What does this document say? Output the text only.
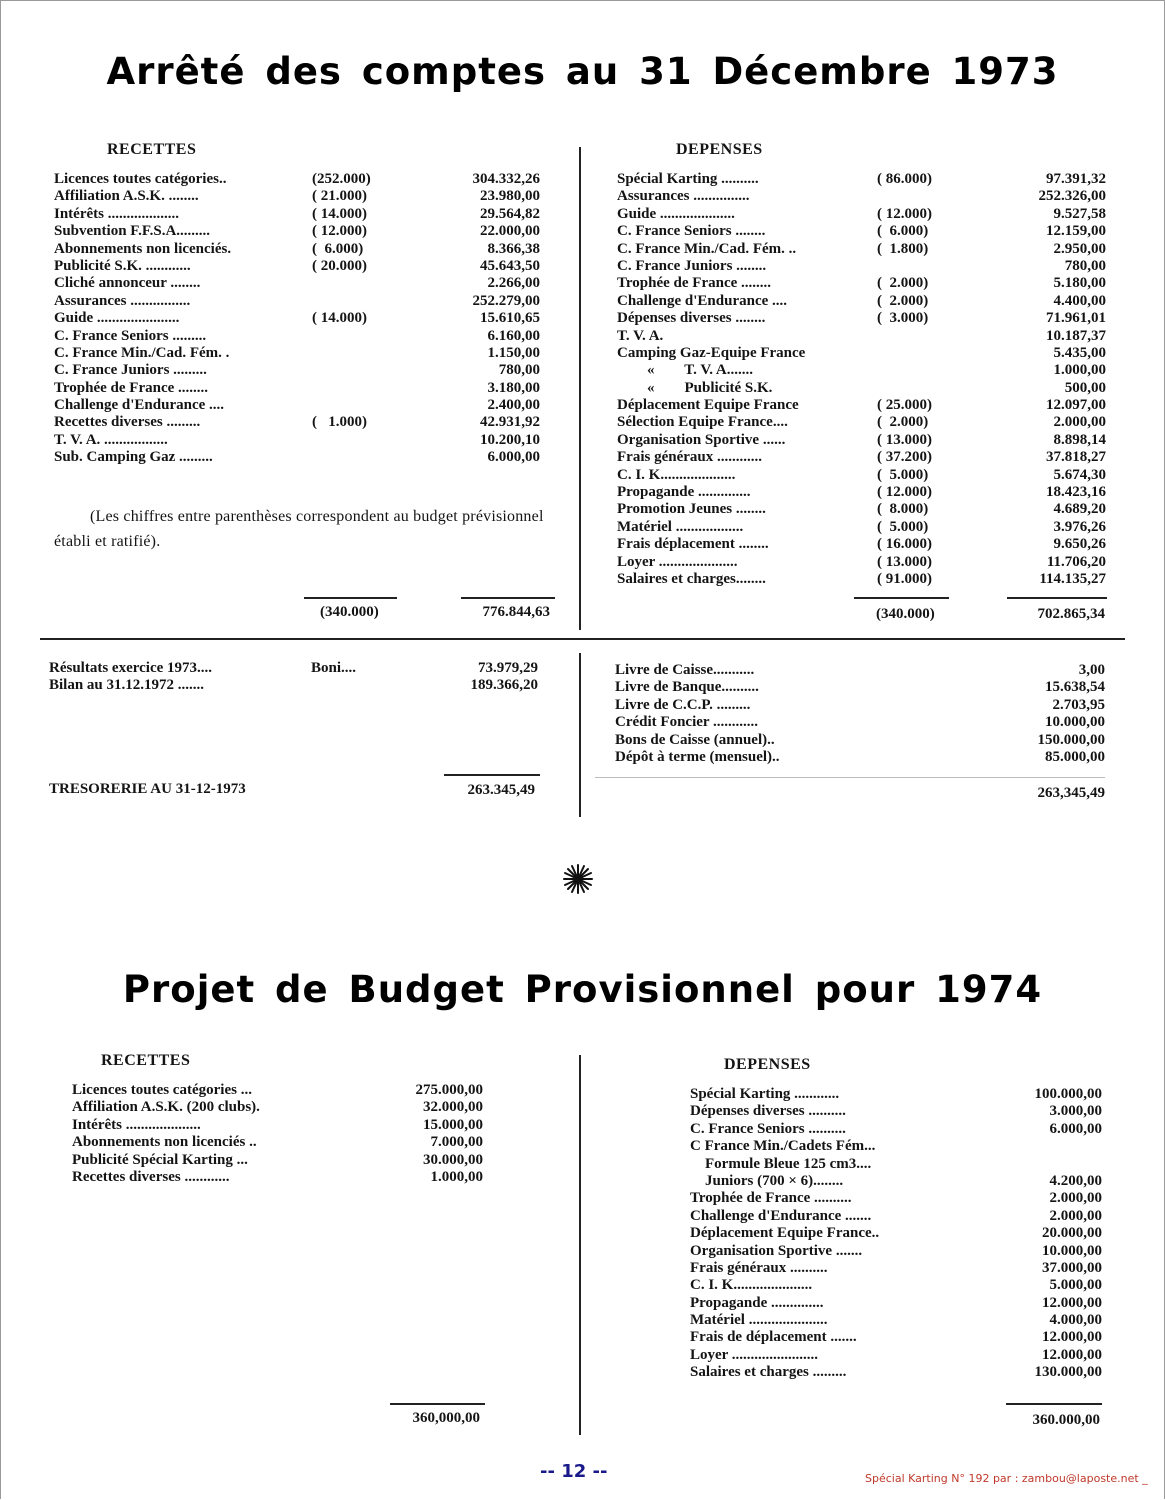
Arrêté des comptes au 31 Décembre 1973
RECETTES	DEPENSES
Licences toutes catégories..	(252.000)	304.332,26
Affiliation A.S.K. ........	( 21.000)	23.980,00
Intérêts ...................	( 14.000)	29.564,82
Subvention F.F.S.A.........	( 12.000)	22.000,00
Abonnements non licenciés.	(  6.000)	8.366,38
Publicité S.K. ............	( 20.000)	45.643,50
Cliché annonceur ........	2.266,00
Assurances ................	252.279,00
Guide ......................	( 14.000)	15.610,65
C. France Seniors .........	6.160,00
C. France Min./Cad. Fém. .	1.150,00
C. France Juniors .........	780,00
Trophée de France ........	3.180,00
Challenge d'Endurance ....	2.400,00
Recettes diverses .........	(   1.000)	42.931,92
T. V. A. .................	10.200,10
Sub. Camping Gaz .........	6.000,00
(Les chiffres entre parenthèses correspondent au budget prévisionnel établi et ratifié).
(340.000)	776.844,63
Spécial Karting ..........	( 86.000)	97.391,32
Assurances ...............	252.326,00
Guide ....................	( 12.000)	9.527,58
C. France Seniors ........	(  6.000)	12.159,00
C. France Min./Cad. Fém. ..	(  1.800)	2.950,00
C. France Juniors ........	780,00
Trophée de France ........	(  2.000)	5.180,00
Challenge d'Endurance ....	(  2.000)	4.400,00
Dépenses diverses ........	(  3.000)	71.961,01
T. V. A.	10.187,37
Camping Gaz-Equipe France	5.435,00
«        T. V. A.......	1.000,00
«        Publicité S.K.	500,00
Déplacement Equipe France	( 25.000)	12.097,00
Sélection Equipe France....	(  2.000)	2.000,00
Organisation Sportive ......	( 13.000)	8.898,14
Frais généraux ............	( 37.200)	37.818,27
C. I. K....................	(  5.000)	5.674,30
Propagande ..............	( 12.000)	18.423,16
Promotion Jeunes ........	(  8.000)	4.689,20
Matériel ..................	(  5.000)	3.976,26
Frais déplacement ........	( 16.000)	9.650,26
Loyer .....................	( 13.000)	11.706,20
Salaires et charges........	( 91.000)	114.135,27
(340.000)	702.865,34
Résultats exercice 1973....	Boni....	73.979,29
Bilan au 31.12.1972 .......	189.366,20
TRESORERIE AU 31-12-1973	263.345,49
Livre de Caisse...........	3,00
Livre de Banque..........	15.638,54
Livre de C.C.P. .........	2.703,95
Crédit Foncier ............	10.000,00
Bons de Caisse (annuel)..	150.000,00
Dépôt à terme (mensuel)..	85.000,00
263,345,49
Projet de Budget Provisionnel pour 1974
RECETTES	DEPENSES
Licences toutes catégories ...	275.000,00
Affiliation A.S.K. (200 clubs).	32.000,00
Intérêts ....................	15.000,00
Abonnements non licenciés ..	7.000,00
Publicité Spécial Karting ...	30.000,00
Recettes diverses ............	1.000,00
360,000,00
Spécial Karting ............	100.000,00
Dépenses diverses ..........	3.000,00
C. France Seniors ..........	6.000,00
C France Min./Cadets Fém...
Formule Bleue 125 cm3....
Juniors (700 × 6)........	4.200,00
Trophée de France ..........	2.000,00
Challenge d'Endurance .......	2.000,00
Déplacement Equipe France..	20.000,00
Organisation Sportive .......	10.000,00
Frais généraux ..........	37.000,00
C. I. K.....................	5.000,00
Propagande ..............	12.000,00
Matériel .....................	4.000,00
Frais de déplacement .......	12.000,00
Loyer .......................	12.000,00
Salaires et charges .........	130.000,00
360.000,00
-- 12 --	Spécial Karting N° 192 par : zambou@laposte.net _
